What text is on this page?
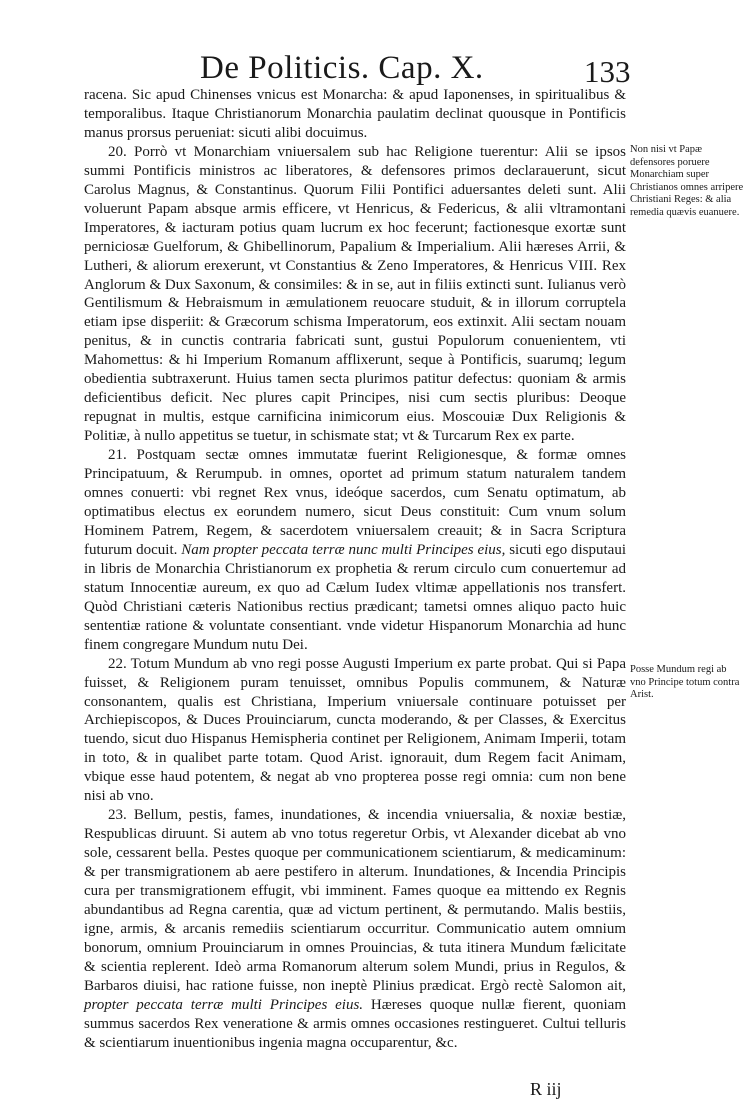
De Politicis. Cap. X.	133

racena. Sic apud Chinenses vnicus est Monarcha: & apud Iaponenses, in spiritualibus & temporalibus. Itaque Christianorum Monarchia paulatim declinat quousque in Pontificis manus prorsus perueniat: sicuti alibi docuimus.

20. Porrò vt Monarchiam vniuersalem sub hac Religione tuerentur: Alii se ipsos summi Pontificis ministros ac liberatores, & defensores primos declarauerunt, sicut Carolus Magnus, & Constantinus. Quorum Filii Pontifici aduersantes deleti sunt. Alii voluerunt Papam absque armis efficere, vt Henricus, & Federicus, & alii vltramontani Imperatores, & iacturam potius quam lucrum ex hoc fecerunt; factionesque exortæ sunt perniciosæ Guelforum, & Ghibellinorum, Papalium & Imperialium. Alii hæreses Arrii, & Lutheri, & aliorum erexerunt, vt Constantius & Zeno Imperatores, & Henricus VIII. Rex Anglorum & Dux Saxonum, & consimiles: & in se, aut in filiis extincti sunt. Iulianus verò Gentilismum & Hebraismum in æmulationem reuocare studuit, & in illorum corruptela etiam ipse disperiit: & Græcorum schisma Imperatorum, eos extinxit. Alii sectam nouam penitus, & in cunctis contraria fabricati sunt, gustui Populorum conuenientem, vti Mahomettus: & hi Imperium Romanum afflixerunt, seque à Pontificis, suarumq; legum obedientia subtraxerunt. Huius tamen secta plurimos patitur defectus: quoniam & armis deficientibus deficit. Nec plures capit Principes, nisi cum sectis pluribus: Deoque repugnat in multis, estque carnificina inimicorum eius. Moscouiæ Dux Religionis & Politiæ, à nullo appetitus se tuetur, in schismate stat; vt & Turcarum Rex ex parte.

21. Postquam sectæ omnes immutatæ fuerint Religionesque, & formæ omnes Principatuum, & Rerumpub. in omnes, oportet ad primum statum naturalem tandem omnes conuerti: vbi regnet Rex vnus, ideóque sacerdos, cum Senatu optimatum, ab optimatibus electus ex eorundem numero, sicut Deus constituit: Cum vnum solum Hominem Patrem, Regem, & sacerdotem vniuersalem creauit; & in Sacra Scriptura futurum docuit. Nam propter peccata terræ nunc multi Principes eius, sicuti ego disputaui in libris de Monarchia Christianorum ex prophetia & rerum circulo cum conuertemur ad statum Innocentiæ aureum, ex quo ad Cælum Iudex vltimæ appellationis nos transfert. Quòd Christiani cæteris Nationibus rectius prædicant; tametsi omnes aliquo pacto huic sententiæ ratione & voluntate consentiant. vnde videtur Hispanorum Monarchia ad hunc finem congregare Mundum nutu Dei.

22. Totum Mundum ab vno regi posse Augusti Imperium ex parte probat. Qui si Papa fuisset, & Religionem puram tenuisset, omnibus Populis communem, & Naturæ consonantem, qualis est Christiana, Imperium vniuersale continuare potuisset per Archiepiscopos, & Duces Prouinciarum, cuncta moderando, & per Classes, & Exercitus tuendo, sicut duo Hispanus Hemispheria continet per Religionem, Animam Imperii, totam in toto, & in qualibet parte totam. Quod Arist. ignorauit, dum Regem facit Animam, vbique esse haud potentem, & negat ab vno propterea posse regi omnia: cum non bene nisi ab vno.

23. Bellum, pestis, fames, inundationes, & incendia vniuersalia, & noxiæ bestiæ, Respublicas diruunt. Si autem ab vno totus regeretur Orbis, vt Alexander dicebat ab vno sole, cessarent bella. Pestes quoque per communicationem scientiarum, & medicaminum: & per transmigrationem ab aere pestifero in alterum. Inundationes, & Incendia Principis cura per transmigrationem effugit, vbi imminent. Fames quoque ea mittendo ex Regnis abundantibus ad Regna carentia, quæ ad victum pertinent, & permutando. Malis bestiis, igne, armis, & arcanis remediis scientiarum occurritur. Communicatio autem omnium bonorum, omnium Prouinciarum in omnes Prouincias, & tuta itinera Mundum fælicitate & scientia replerent. Ideò arma Romanorum alterum solem Mundi, prius in Regulos, & Barbaros diuisi, hac ratione fuisse, non ineptè Plinius prædicat. Ergò rectè Salomon ait, propter peccata terræ multi Principes eius. Hæreses quoque nullæ fierent, quoniam summus sacerdos Rex veneratione & armis omnes occasiones restingueret. Cultui telluris & scientiarum inuentionibus ingenia magna occuparentur, &c.

Non nisi vt Papæ defensores poruere Monarchiam super Christianos omnes arripere Christiani Reges: & alia remedia quævis euanuere.
Posse Mundum regi ab vno Principe totum contra Arist.
R iij
